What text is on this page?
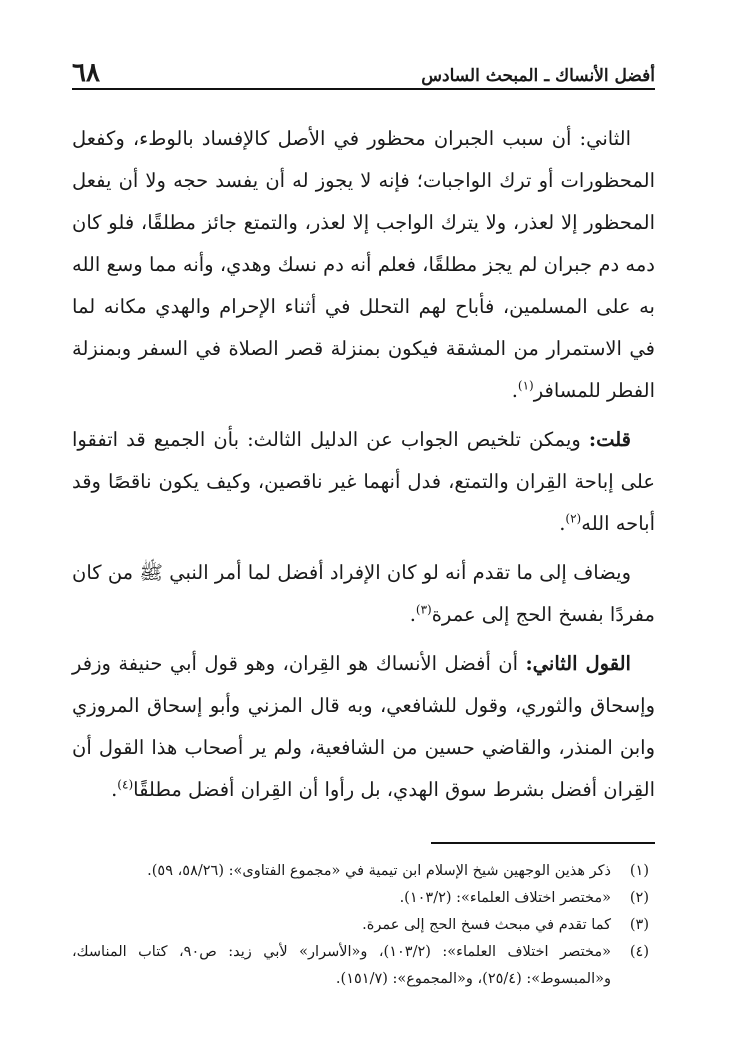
أفضل الأنساك ـ المبحث السادس
٦٨

الثاني: أن سبب الجبران محظور في الأصل كالإفساد بالوطء، وكفعل المحظورات أو ترك الواجبات؛ فإنه لا يجوز له أن يفسد حجه ولا أن يفعل المحظور إلا لعذر، ولا يترك الواجب إلا لعذر، والتمتع جائز مطلقًا، فلو كان دمه دم جبران لم يجز مطلقًا، فعلم أنه دم نسك وهدي، وأنه مما وسع الله به على المسلمين، فأباح لهم التحلل في أثناء الإحرام والهدي مكانه لما في الاستمرار من المشقة فيكون بمنزلة قصر الصلاة في السفر وبمنزلة الفطر للمسافر$^{(١)}$.

قلت: ويمكن تلخيص الجواب عن الدليل الثالث: بأن الجميع قد اتفقوا على إباحة القِران والتمتع، فدل أنهما غير ناقصين، وكيف يكون ناقصًا وقد أباحه الله$^{(٢)}$.

ويضاف إلى ما تقدم أنه لو كان الإفراد أفضل لما أمر النبي ﷺ من كان مفردًا بفسخ الحج إلى عمرة$^{(٣)}$.

القول الثاني: أن أفضل الأنساك هو القِران، وهو قول أبي حنيفة وزفر وإسحاق والثوري، وقول للشافعي، وبه قال المزني وأبو إسحاق المروزي وابن المنذر، والقاضي حسين من الشافعية، ولم ير أصحاب هذا القول أن القِران أفضل بشرط سوق الهدي، بل رأوا أن القِران أفضل مطلقًا$^{(٤)}$.

(١)
ذكر هذين الوجهين شيخ الإسلام ابن تيمية في «مجموع الفتاوى»: (٥٨/٢٦، ٥٩).
(٢)
«مختصر اختلاف العلماء»: (١٠٣/٢).
(٣)
كما تقدم في مبحث فسخ الحج إلى عمرة.
(٤)
«مختصر اختلاف العلماء»: (١٠٣/٢)، و«الأسرار» لأبي زيد: ص٩٠، كتاب المناسك، و«المبسوط»: (٢٥/٤)، و«المجموع»: (١٥١/٧).
